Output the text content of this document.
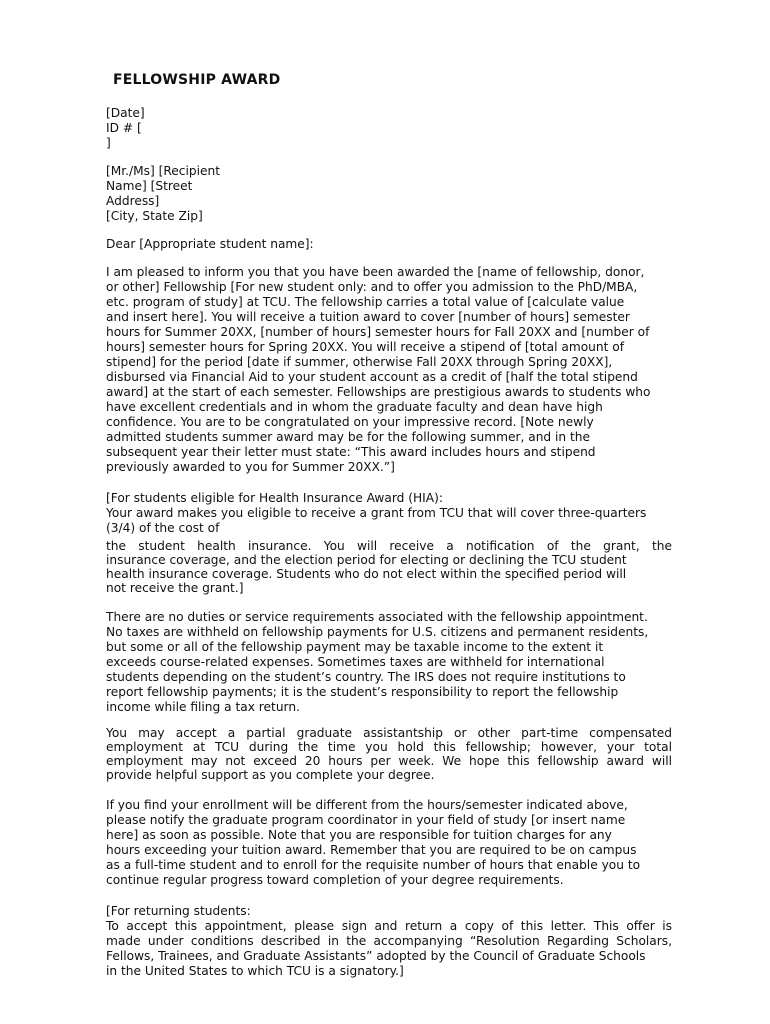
FELLOWSHIP AWARD
[Date]
ID # [
]
[Mr./Ms] [Recipient
Name] [Street
Address]
[City, State Zip]
Dear [Appropriate student name]:
I am pleased to inform you that you have been awarded the [name of fellowship, donor,
or other] Fellowship [For new student only: and to offer you admission to the PhD/MBA,
etc. program of study] at TCU. The fellowship carries a total value of [calculate value
and insert here]. You will receive a tuition award to cover [number of hours] semester
hours for Summer 20XX, [number of hours] semester hours for Fall 20XX and [number of
hours] semester hours for Spring 20XX. You will receive a stipend of [total amount of
stipend] for the period [date if summer, otherwise Fall 20XX through Spring 20XX],
disbursed via Financial Aid to your student account as a credit of [half the total stipend
award] at the start of each semester. Fellowships are prestigious awards to students who
have excellent credentials and in whom the graduate faculty and dean have high
confidence. You are to be congratulated on your impressive record. [Note newly
admitted students summer award may be for the following summer, and in the
subsequent year their letter must state: “This award includes hours and stipend
previously awarded to you for Summer 20XX.”]
[For students eligible for Health Insurance Award (HIA):
Your award makes you eligible to receive a grant from TCU that will cover three-quarters
(3/4) of the cost of
the student health insurance. You will receive a notification of the grant, the
insurance coverage, and the election period for electing or declining the TCU student
health insurance coverage. Students who do not elect within the specified period will
not receive the grant.]
There are no duties or service requirements associated with the fellowship appointment.
No taxes are withheld on fellowship payments for U.S. citizens and permanent residents,
but some or all of the fellowship payment may be taxable income to the extent it
exceeds course-related expenses. Sometimes taxes are withheld for international
students depending on the student’s country. The IRS does not require institutions to
report fellowship payments; it is the student’s responsibility to report the fellowship
income while filing a tax return.
You may accept a partial graduate assistantship or other part-time compensated
employment at TCU during the time you hold this fellowship; however, your total
employment may not exceed 20 hours per week. We hope this fellowship award will
provide helpful support as you complete your degree.
If you find your enrollment will be different from the hours/semester indicated above,
please notify the graduate program coordinator in your field of study [or insert name
here] as soon as possible. Note that you are responsible for tuition charges for any
hours exceeding your tuition award. Remember that you are required to be on campus
as a full-time student and to enroll for the requisite number of hours that enable you to
continue regular progress toward completion of your degree requirements.
[For returning students:
To accept this appointment, please sign and return a copy of this letter. This offer is
made under conditions described in the accompanying “Resolution Regarding Scholars,
Fellows, Trainees, and Graduate Assistants” adopted by the Council of Graduate Schools
in the United States to which TCU is a signatory.]
